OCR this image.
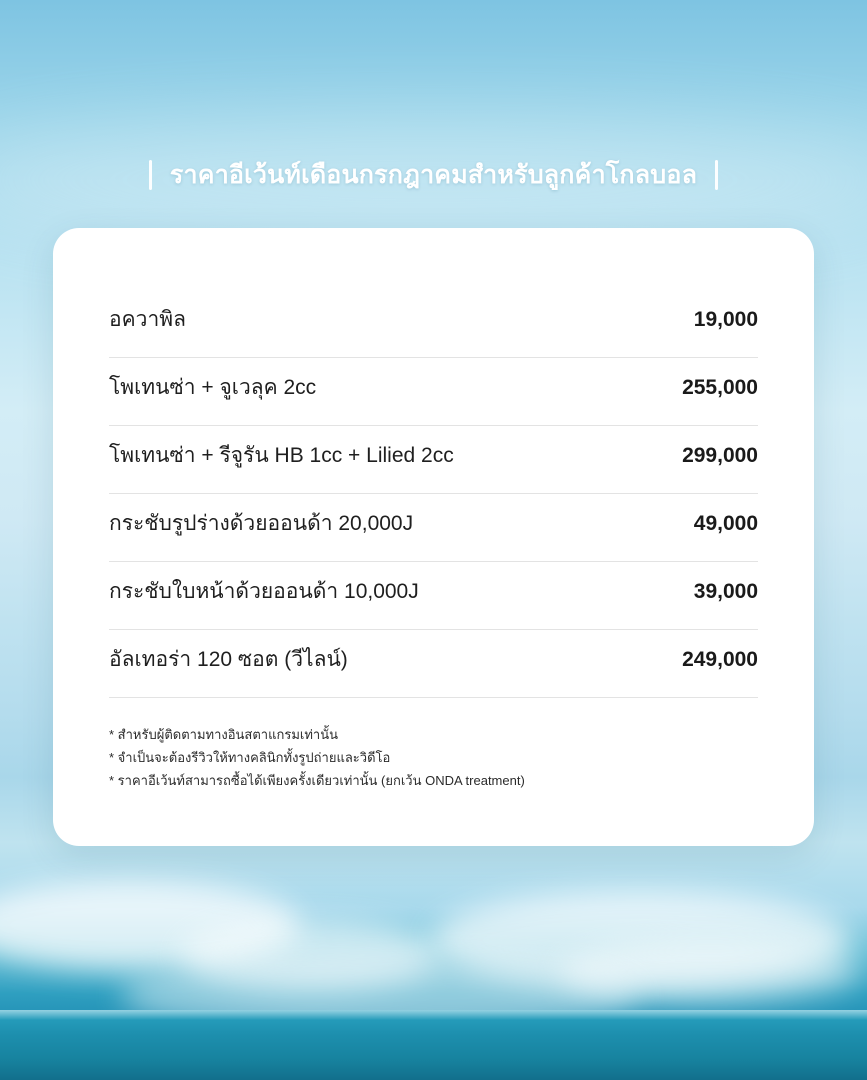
ราคาอีเว้นท์เดือนกรกฎาคมสำหรับลูกค้าโกลบอล
อควาพิล	19,000
โพเทนซ่า + จูเวลุค 2cc	255,000
โพเทนซ่า + รีจูรัน HB 1cc + Lilied 2cc	299,000
กระชับรูปร่างด้วยออนด้า 20,000J	49,000
กระชับใบหน้าด้วยออนด้า 10,000J	39,000
อัลเทอร่า 120 ซอต (วีไลน์)	249,000
* สำหรับผู้ติดตามทางอินสตาแกรมเท่านั้น
* จำเป็นจะต้องรีวิวให้ทางคลินิกทั้งรูปถ่ายและวิดีโอ
* ราคาอีเว้นท์สามารถซื้อได้เพียงครั้งเดียวเท่านั้น (ยกเว้น ONDA treatment)
